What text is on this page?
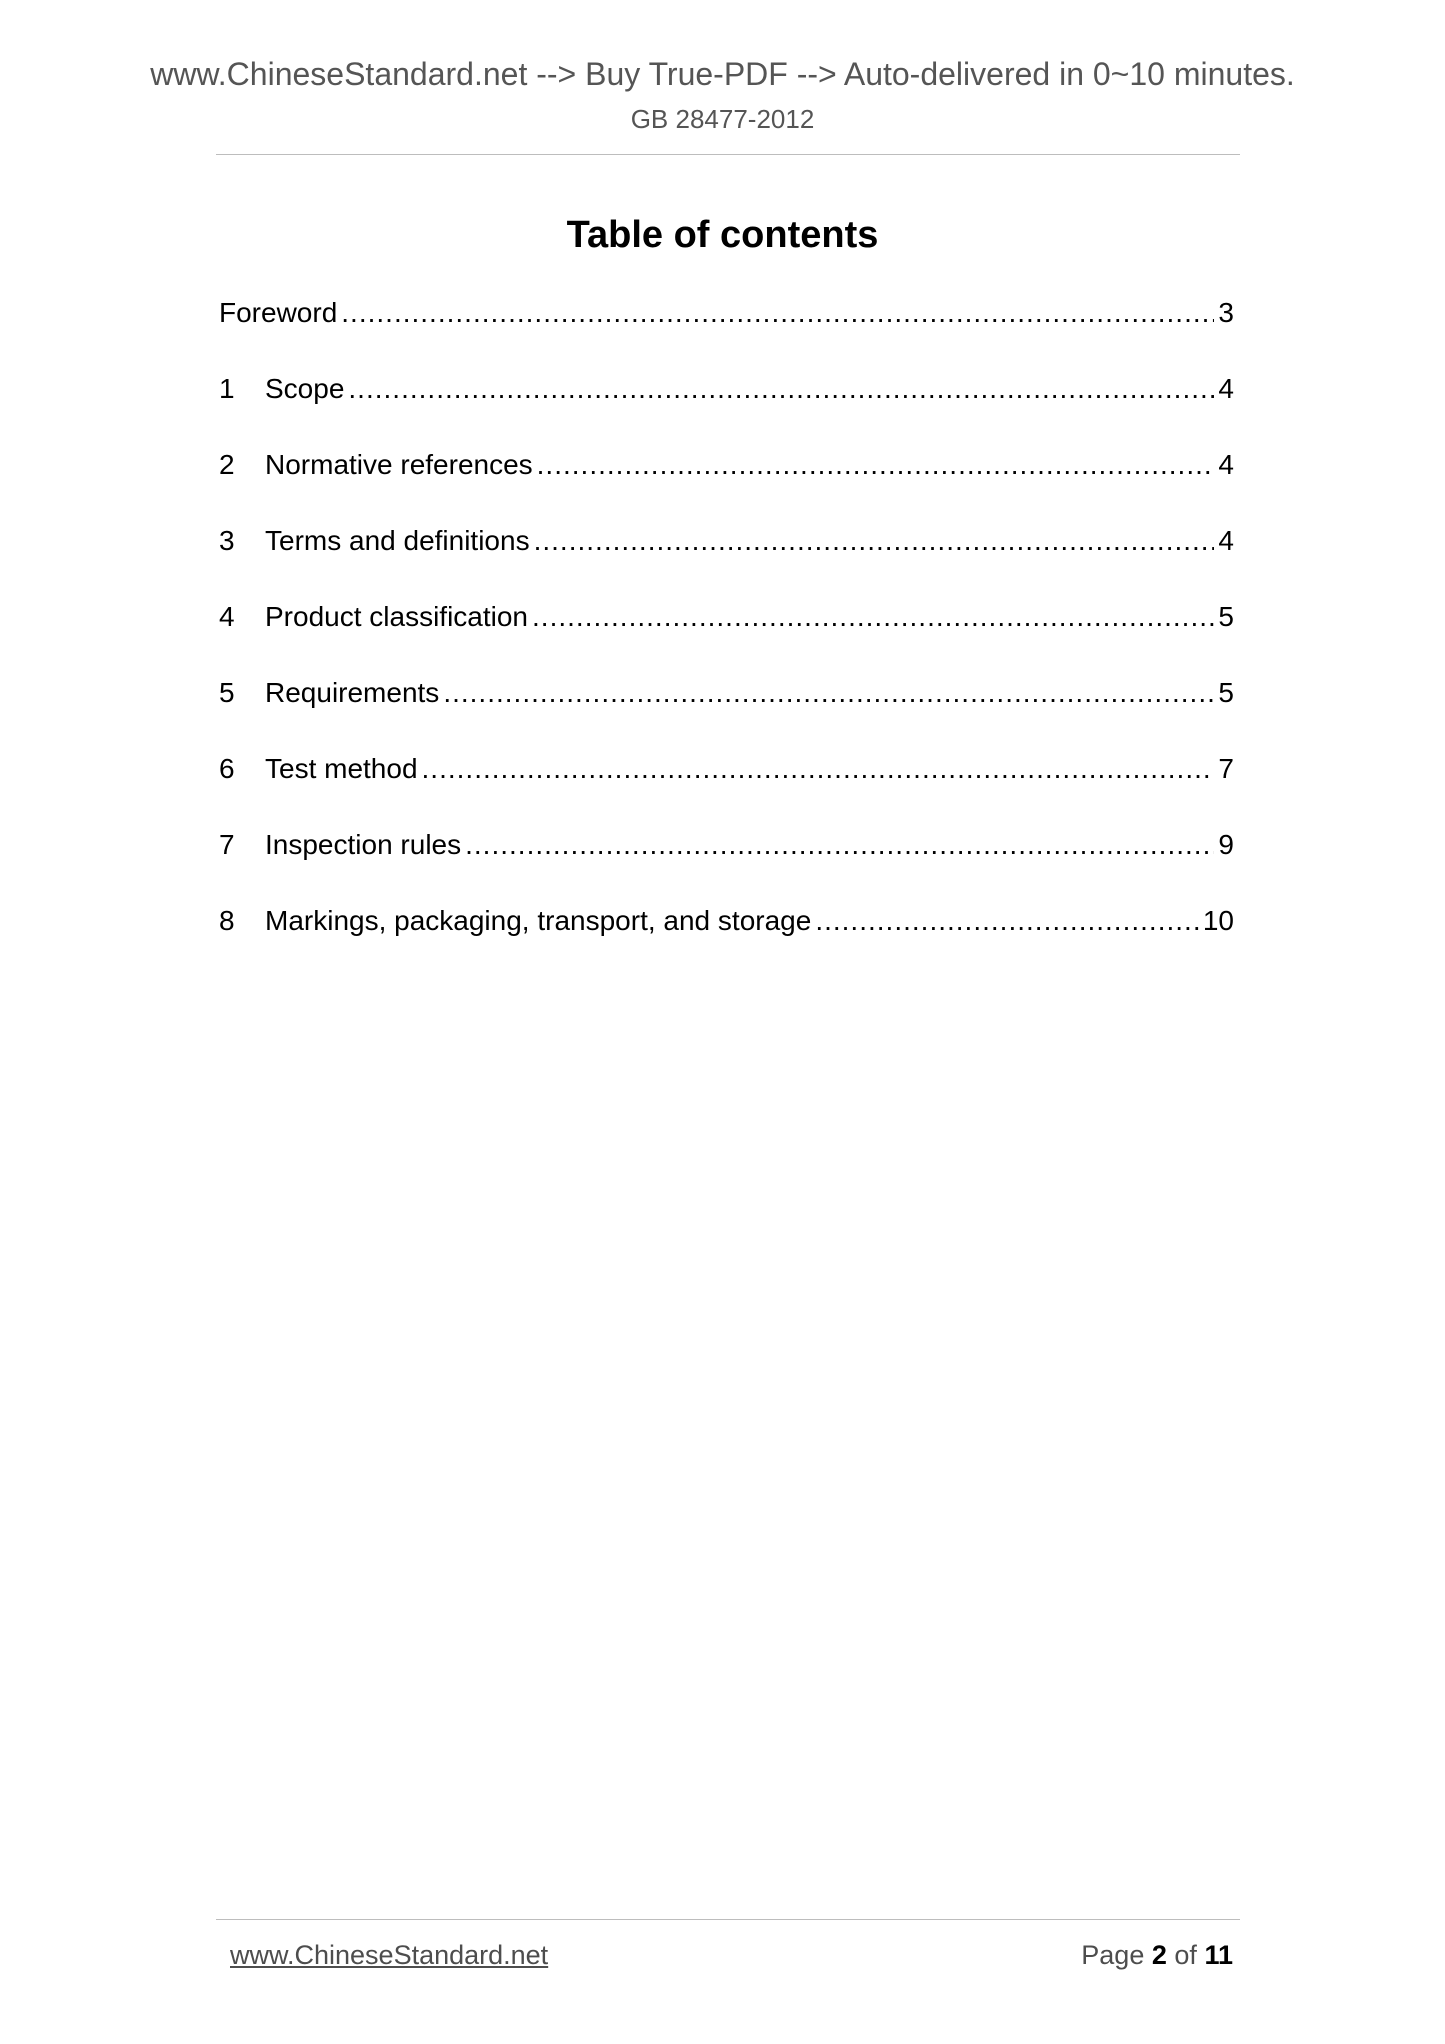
www.ChineseStandard.net --> Buy True-PDF --> Auto-delivered in 0~10 minutes.
GB 28477-2012
Table of contents
Foreword .....	3
1	Scope .....	4
2	Normative references .....	4
3	Terms and definitions .....	4
4	Product classification .....	5
5	Requirements .....	5
6	Test method .....	7
7	Inspection rules .....	9
8	Markings, packaging, transport, and storage .....	10
www.ChineseStandard.net	Page 2 of 11
